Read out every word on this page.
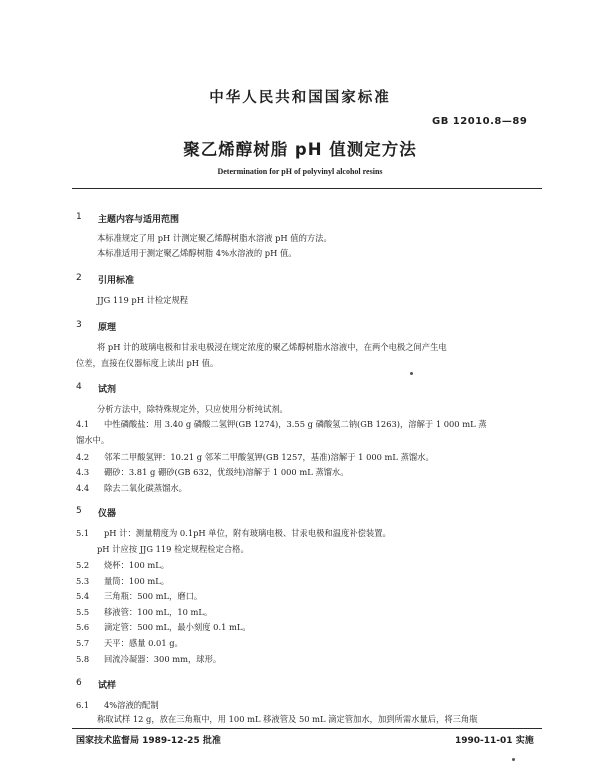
中华人民共和国国家标准
GB 12010.8—89
聚乙烯醇树脂 pH 值测定方法
Determination for pH of polyvinyl alcohol resins
1 主题内容与适用范围
本标准规定了用 pH 计测定聚乙烯醇树脂水溶液 pH 值的方法。
本标准适用于测定聚乙烯醇树脂 4%水溶液的 pH 值。
2 引用标准
JJG 119 pH 计检定规程
3 原理
将 pH 计的玻璃电极和甘汞电极浸在规定浓度的聚乙烯醇树脂水溶液中，在两个电极之间产生电
位差，直接在仪器标度上读出 pH 值。
4 试剂
分析方法中，除特殊规定外，只应使用分析纯试剂。
4.1 中性磷酸盐：用 3.40 g 磷酸二氢钾(GB 1274)，3.55 g 磷酸氢二钠(GB 1263)，溶解于 1 000 mL 蒸
馏水中。
4.2 邻苯二甲酸氢钾：10.21 g 邻苯二甲酸氢钾(GB 1257，基准)溶解于 1 000 mL 蒸馏水。
4.3 硼砂：3.81 g 硼砂(GB 632，优级纯)溶解于 1 000 mL 蒸馏水。
4.4 除去二氧化碳蒸馏水。
5 仪器
5.1 pH 计：测量精度为 0.1pH 单位，附有玻璃电极、甘汞电极和温度补偿装置。
pH 计应按 JJG 119 检定规程检定合格。
5.2 烧杯：100 mL。
5.3 量筒：100 mL。
5.4 三角瓶：500 mL，磨口。
5.5 移液管：100 mL，10 mL。
5.6 滴定管：500 mL，最小刻度 0.1 mL。
5.7 天平：感量 0.01 g。
5.8 回流冷凝器：300 mm，球形。
6 试样
6.1 4%溶液的配制
称取试样 12 g，放在三角瓶中，用 100 mL 移液管及 50 mL 滴定管加水，加到所需水量后，将三角瓶
国家技术监督局 1989-12-25 批准	1990-11-01 实施
